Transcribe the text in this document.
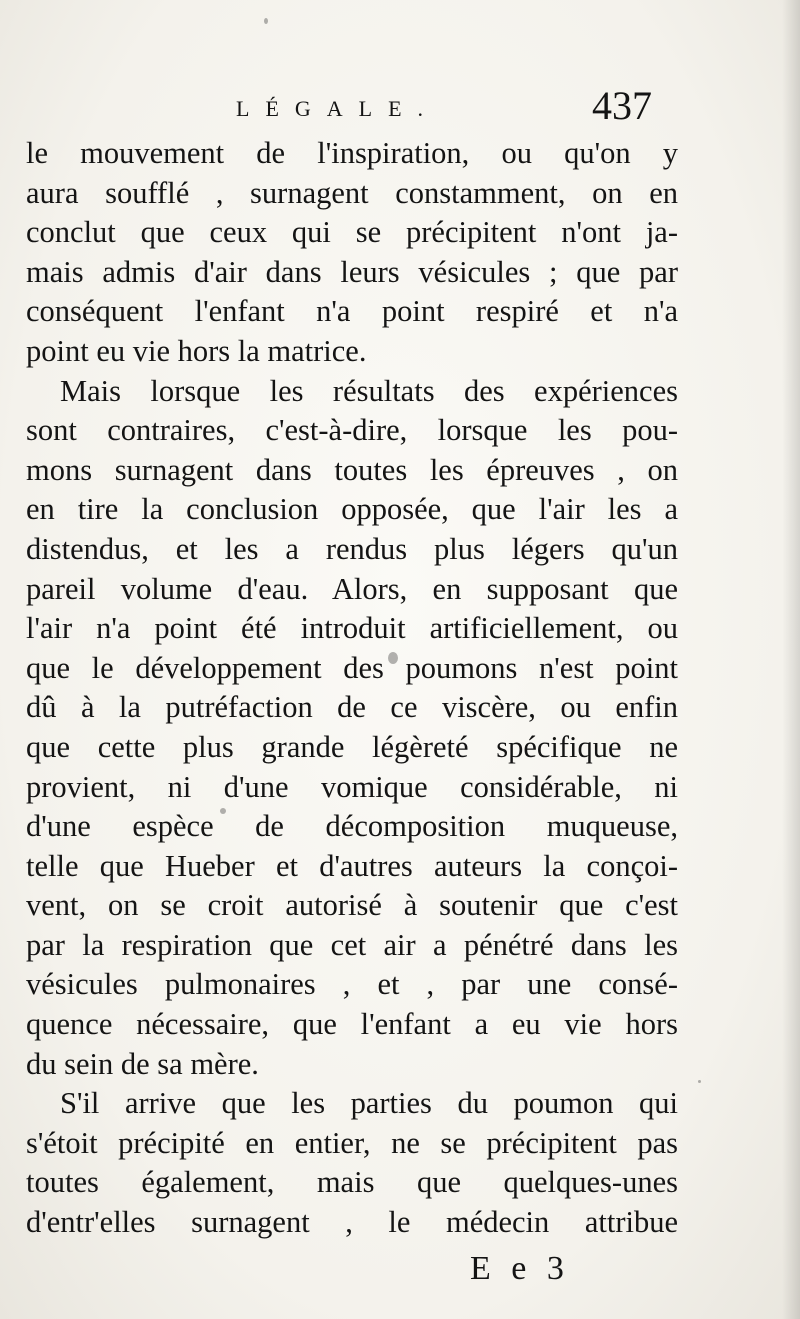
LÉGALE.	437
le mouvement de l'inspiration, ou qu'on y
aura soufflé , surnagent constamment, on en
conclut que ceux qui se précipitent n'ont ja-
mais admis d'air dans leurs vésicules ; que par
conséquent l'enfant n'a point respiré et n'a
point eu vie hors la matrice.
Mais lorsque les résultats des expériences
sont contraires, c'est-à-dire, lorsque les pou-
mons surnagent dans toutes les épreuves , on
en tire la conclusion opposée, que l'air les a
distendus, et les a rendus plus légers qu'un
pareil volume d'eau. Alors, en supposant que
l'air n'a point été introduit artificiellement, ou
que le développement des poumons n'est point
dû à la putréfaction de ce viscère, ou enfin
que cette plus grande légèreté spécifique ne
provient, ni d'une vomique considérable, ni
d'une espèce de décomposition muqueuse,
telle que Hueber et d'autres auteurs la conçoi-
vent, on se croit autorisé à soutenir que c'est
par la respiration que cet air a pénétré dans les
vésicules pulmonaires , et , par une consé-
quence nécessaire, que l'enfant a eu vie hors
du sein de sa mère.
S'il arrive que les parties du poumon qui
s'étoit précipité en entier, ne se précipitent pas
toutes également, mais que quelques-unes
d'entr'elles surnagent , le médecin attribue
E e 3
